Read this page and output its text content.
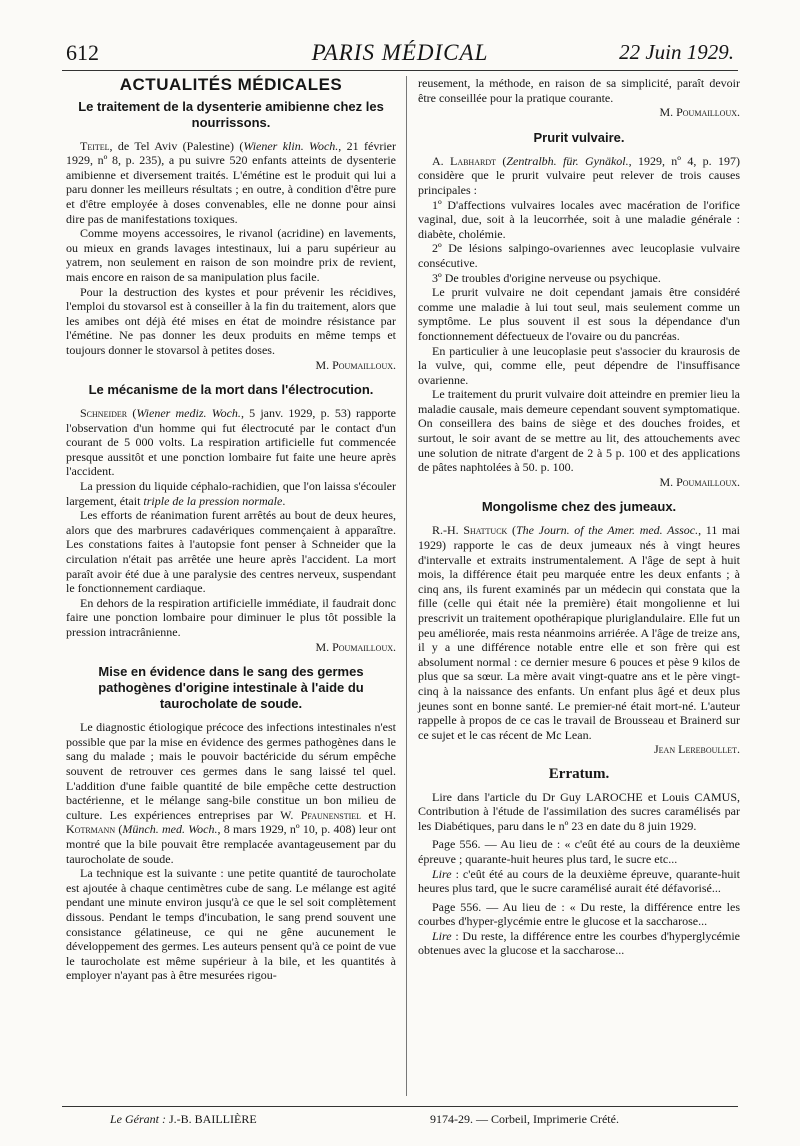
612	PARIS MÉDICAL	22 Juin 1929.
ACTUALITÉS MÉDICALES
Le traitement de la dysenterie amibienne chez les nourrissons.

Teitel, de Tel Aviv (Palestine) (Wiener klin. Woch., 21 février 1929, nº 8, p. 235), a pu suivre 520 enfants atteints de dysenterie amibienne et diversement traités. L'émétine est le produit qui lui a paru donner les meilleurs résultats ; en outre, à condition d'être pure et d'être employée à doses convenables, elle ne donne pour ainsi dire pas de manifestations toxiques.

Comme moyens accessoires, le rivanol (acridine) en lavements, ou mieux en grands lavages intestinaux, lui a paru supérieur au yatrem, non seulement en raison de son moindre prix de revient, mais encore en raison de sa manipulation plus facile.

Pour la destruction des kystes et pour prévenir les récidives, l'emploi du stovarsol est à conseiller à la fin du traitement, alors que les amibes ont déjà été mises en état de moindre résistance par l'émétine. Ne pas donner les deux produits en même temps et toujours donner le stovarsol à petites doses.

M. Poumailloux.

Le mécanisme de la mort dans l'électrocution.

Schneider (Wiener mediz. Woch., 5 janv. 1929, p. 53) rapporte l'observation d'un homme qui fut électrocuté par le contact d'un courant de 5 000 volts. La respiration artificielle fut commencée presque aussitôt et une ponction lombaire fut faite une heure après l'accident.

La pression du liquide céphalo-rachidien, que l'on laissa s'écouler largement, était triple de la pression normale.

Les efforts de réanimation furent arrêtés au bout de deux heures, alors que des marbrures cadavériques commençaient à apparaître. Les constations faites à l'autopsie font penser à Schneider que la circulation n'était pas arrêtée une heure après l'accident. La mort paraît avoir été due à une paralysie des centres nerveux, suspendant le fonctionnement cardiaque.

En dehors de la respiration artificielle immédiate, il faudrait donc faire une ponction lombaire pour diminuer le plus tôt possible la pression intracrânienne.

M. Poumailloux.

Mise en évidence dans le sang des germes pathogènes d'origine intestinale à l'aide du taurocholate de soude.

Le diagnostic étiologique précoce des infections intestinales n'est possible que par la mise en évidence des germes pathogènes dans le sang du malade ; mais le pouvoir bactéricide du sérum empêche souvent de retrouver ces germes dans le sang laissé tel quel. L'addition d'une faible quantité de bile empêche cette destruction bactérienne, et le mélange sang-bile constitue un bon milieu de culture. Les expériences entreprises par W. Pfaunenstiel et H. Kotrmann (Münch. med. Woch., 8 mars 1929, nº 10, p. 408) leur ont montré que la bile pouvait être remplacée avantageusement par du taurocholate de soude.

La technique est la suivante : une petite quantité de taurocholate est ajoutée à chaque centimètres cube de sang. Le mélange est agité pendant une minute environ jusqu'à ce que le sel soit complètement dissous. Pendant le temps d'incubation, le sang prend souvent une consistance gélatineuse, ce qui ne gêne aucunement le développement des germes. Les auteurs pensent qu'à ce point de vue le taurocholate est même supérieur à la bile, et les quantités à employer n'ayant pas à être mesurées rigou-

reusement, la méthode, en raison de sa simplicité, paraît devoir être conseillée pour la pratique courante.

M. Poumailloux.

Prurit vulvaire.

A. Labhardt (Zentralbh. für. Gynäkol., 1929, nº 4, p. 197) considère que le prurit vulvaire peut relever de trois causes principales :

1º D'affections vulvaires locales avec macération de l'orifice vaginal, due, soit à la leucorrhée, soit à une maladie générale : diabète, cholémie.

2º De lésions salpingo-ovariennes avec leucoplasie vulvaire consécutive.

3º De troubles d'origine nerveuse ou psychique.

Le prurit vulvaire ne doit cependant jamais être considéré comme une maladie à lui tout seul, mais seulement comme un symptôme. Le plus souvent il est sous la dépendance d'un fonctionnement défectueux de l'ovaire ou du pancréas.

En particulier à une leucoplasie peut s'associer du kraurosis de la vulve, qui, comme elle, peut dépendre de l'insuffisance ovarienne.

Le traitement du prurit vulvaire doit atteindre en premier lieu la maladie causale, mais demeure cependant souvent symptomatique. On conseillera des bains de siège et des douches froides, et surtout, le soir avant de se mettre au lit, des attouchements avec une solution de nitrate d'argent de 2 à 5 p. 100 et des applications de pâtes naphtolées à 50. p. 100.

M. Poumailloux.

Mongolisme chez des jumeaux.

R.-H. Shattuck (The Journ. of the Amer. med. Assoc., 11 mai 1929) rapporte le cas de deux jumeaux nés à vingt heures d'intervalle et extraits instrumentalement. A l'âge de sept à huit mois, la différence était peu marquée entre les deux enfants ; à cinq ans, ils furent examinés par un médecin qui constata que la fille (celle qui était née la première) était mongolienne et lui prescrivit un traitement opothérapique pluriglandulaire. Elle fut un peu améliorée, mais resta néanmoins arriérée. A l'âge de treize ans, il y a une différence notable entre elle et son frère qui est absolument normal : ce dernier mesure 6 pouces et pèse 9 kilos de plus que sa sœur. La mère avait vingt-quatre ans et le père vingt-cinq à la naissance des enfants. Un enfant plus âgé et deux plus jeunes sont en bonne santé. Le premier-né était mort-né. L'auteur rappelle à propos de ce cas le travail de Brousseau et Brainerd sur ce sujet et le cas récent de Mc Lean.

Jean Lereboullet.

Erratum.

Lire dans l'article du Dr Guy LAROCHE et Louis CAMUS, Contribution à l'étude de l'assimilation des sucres caramélisés par les Diabétiques, paru dans le nº 23 en date du 8 juin 1929.

Page 556. — Au lieu de : « c'eût été au cours de la deuxième épreuve ; quarante-huit heures plus tard, le sucre etc...

Lire : c'eût été au cours de la deuxième épreuve, quarante-huit heures plus tard, que le sucre caramélisé aurait été défavorisé...

Page 556. — Au lieu de : « Du reste, la différence entre les courbes d'hyper-glycémie entre le glucose et la saccharose...

Lire : Du reste, la différence entre les courbes d'hyperglycémie obtenues avec la glucose et la saccharose...

Le Gérant : J.-B. BAILLIÈRE	9174-29. — Corbeil, Imprimerie Crété.
